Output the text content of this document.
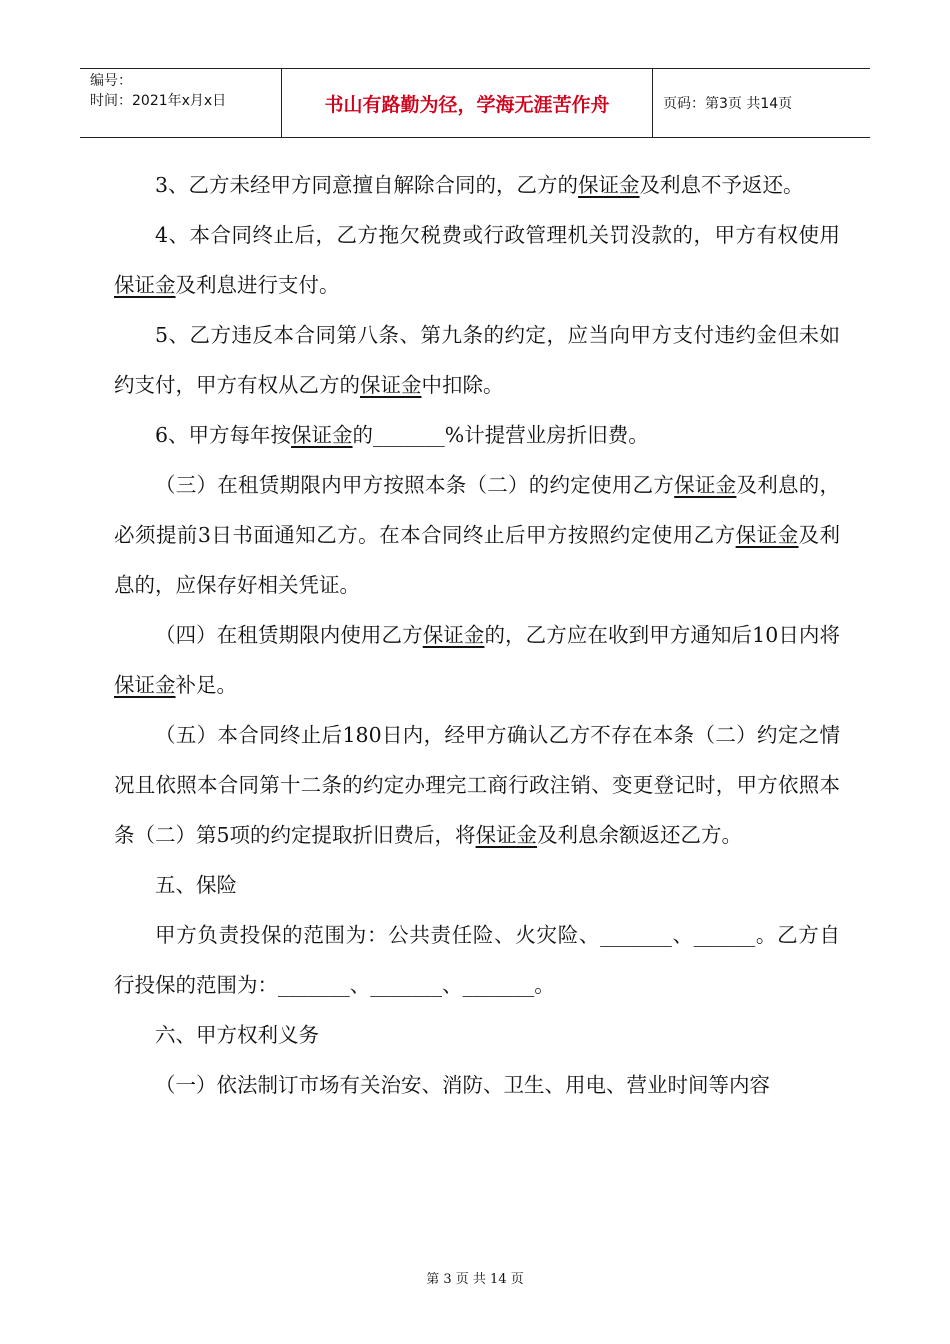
编号：
时间：2021年x月x日	书山有路勤为径，学海无涯苦作舟	页码：第3页 共14页

3、乙方未经甲方同意擅自解除合同的，乙方的保证金及利息不予返还。

4、本合同终止后，乙方拖欠税费或行政管理机关罚没款的，甲方有权使用保证金及利息进行支付。

5、乙方违反本合同第八条、第九条的约定，应当向甲方支付违约金但未如约支付，甲方有权从乙方的保证金中扣除。

6、甲方每年按保证金的_______%计提营业房折旧费。

（三）在租赁期限内甲方按照本条（二）的约定使用乙方保证金及利息的，必须提前3日书面通知乙方。在本合同终止后甲方按照约定使用乙方保证金及利息的，应保存好相关凭证。

（四）在租赁期限内使用乙方保证金的，乙方应在收到甲方通知后10日内将保证金补足。

（五）本合同终止后180日内，经甲方确认乙方不存在本条（二）约定之情况且依照本合同第十二条的约定办理完工商行政注销、变更登记时，甲方依照本条（二）第5项的约定提取折旧费后，将保证金及利息余额返还乙方。

五、保险

甲方负责投保的范围为：公共责任险、火灾险、_______、______。乙方自行投保的范围为：_______、_______、_______。

六、甲方权利义务

（一）依法制订市场有关治安、消防、卫生、用电、营业时间等内容

第 3 页 共 14 页
